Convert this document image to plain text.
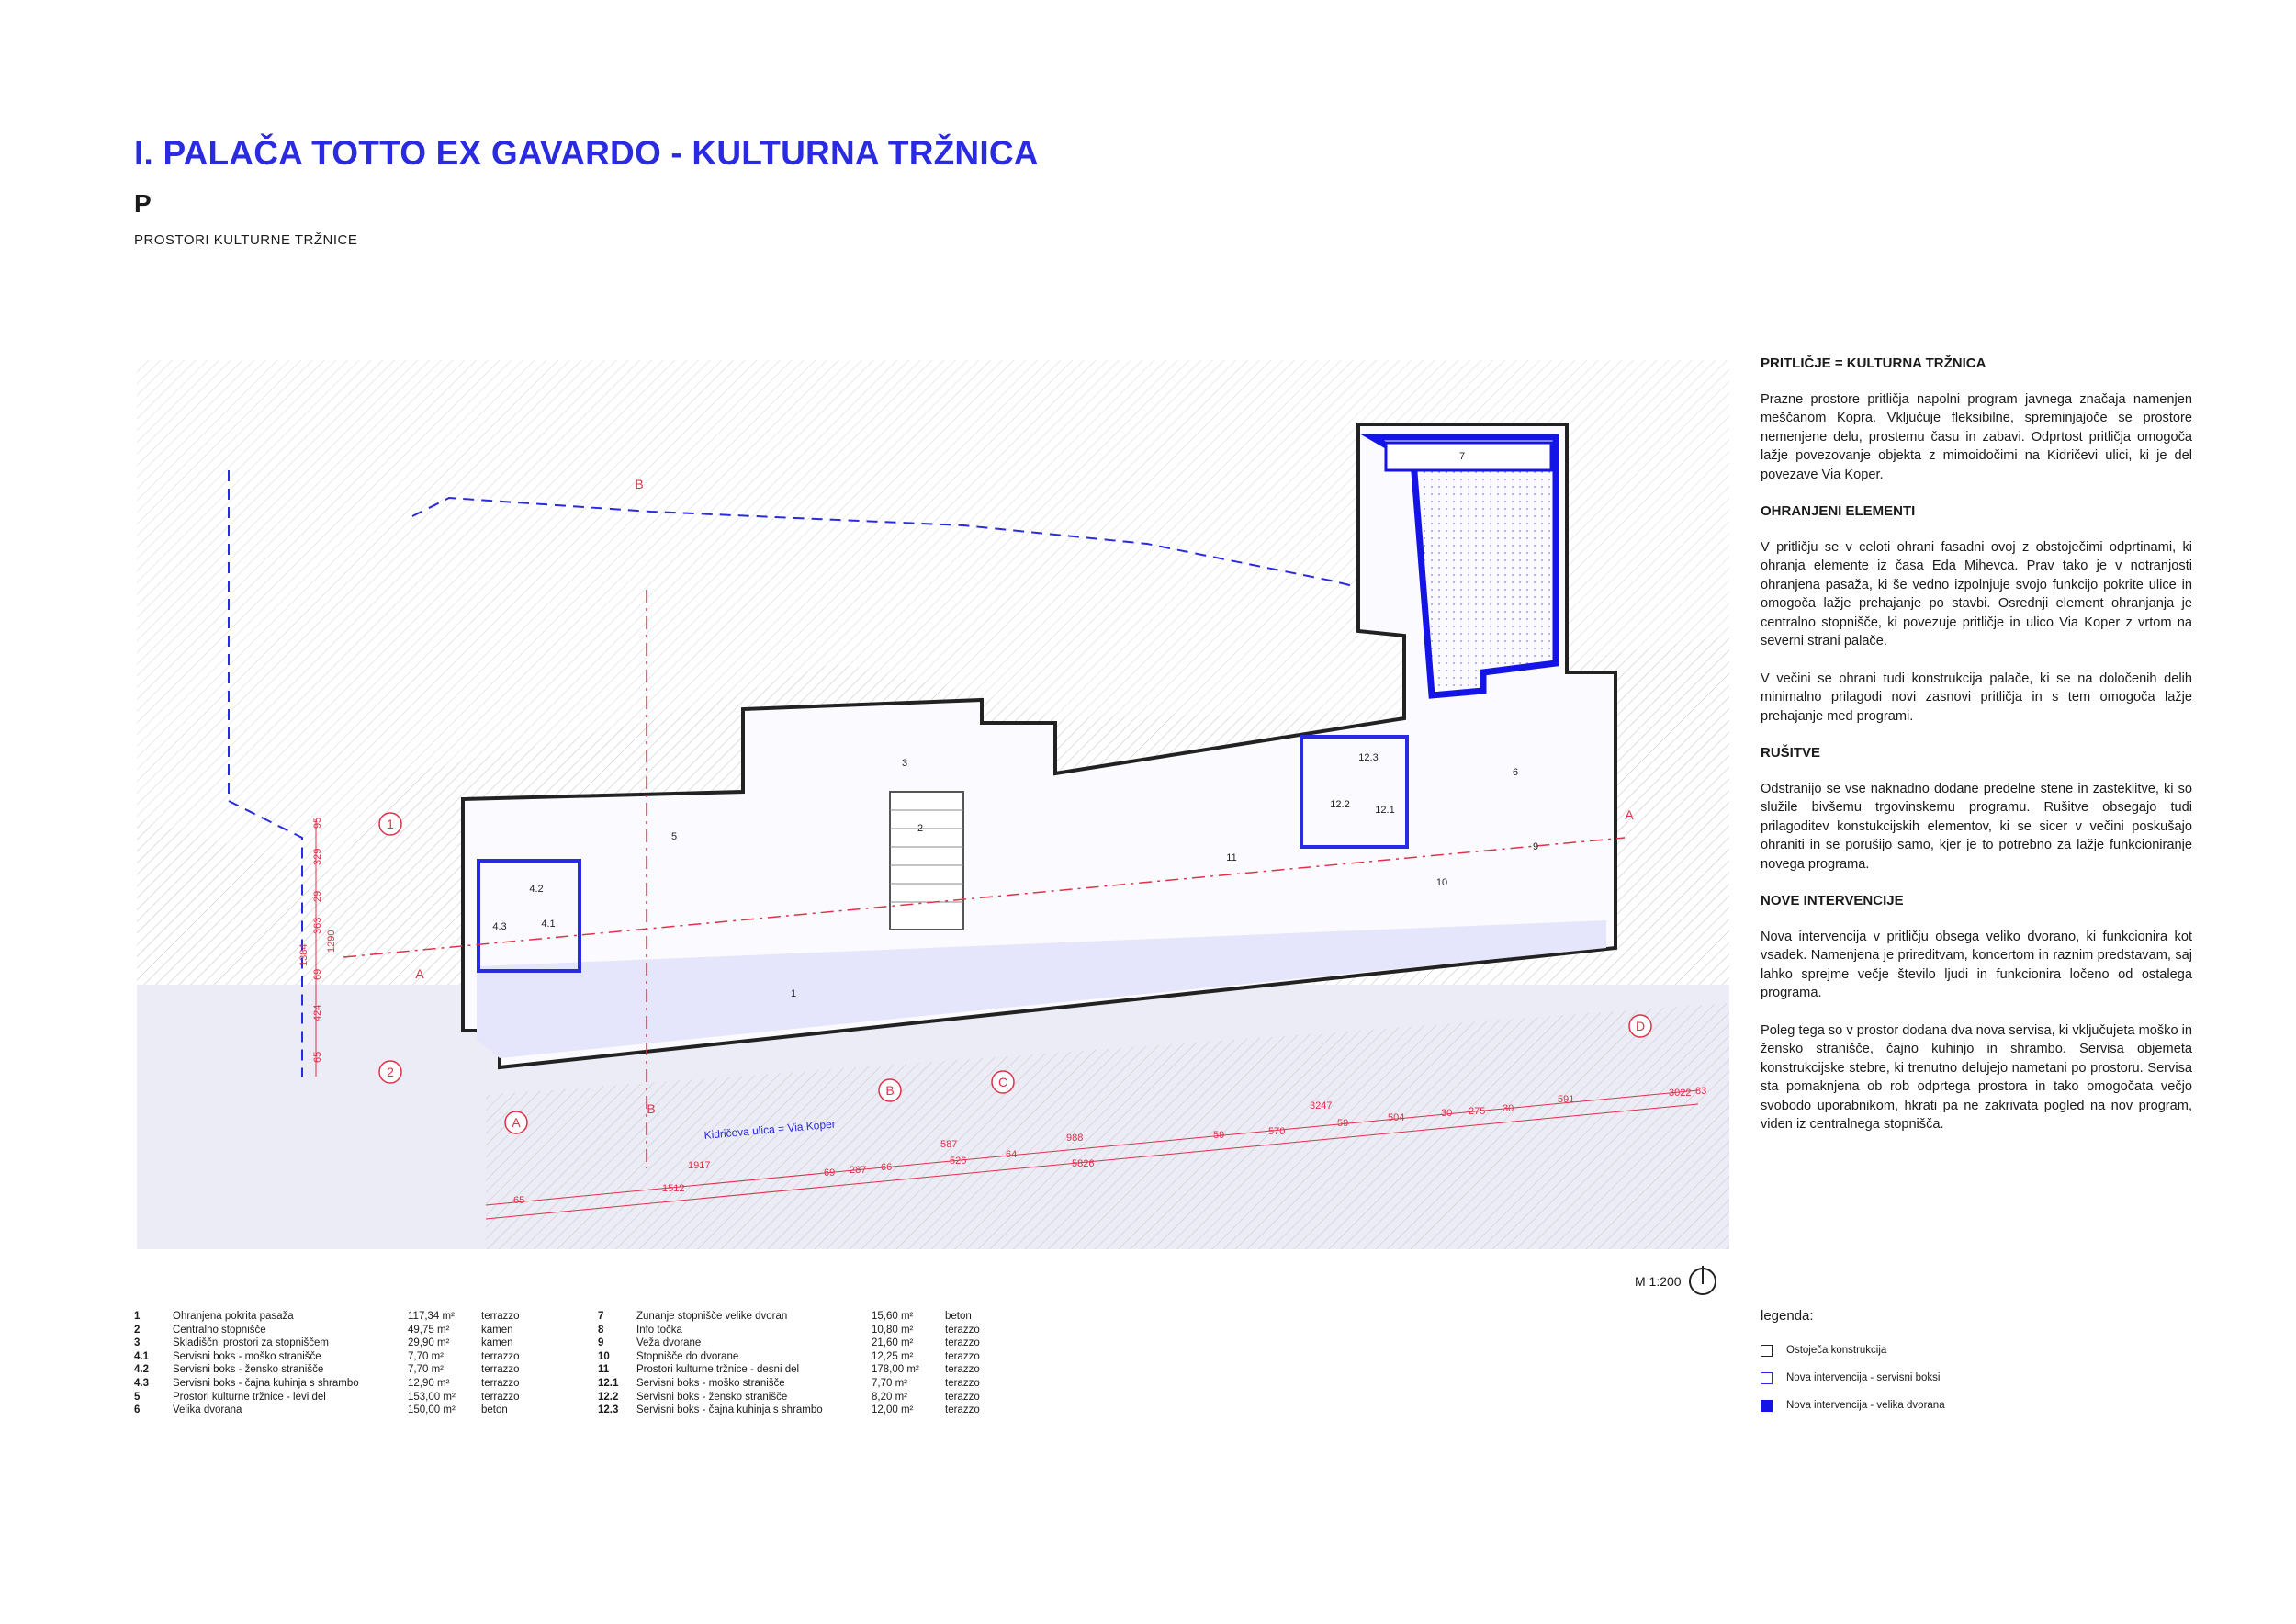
I. PALAČA TOTTO EX GAVARDO - KULTURNA TRŽNICA
P
PROSTORI KULTURNE TRŽNICE
1
2
A
B
B
C
D
B
A
A
1
2
3
4.1
4.2
4.3
5
6
7
9
10
11
12.1
12.2
12.3
95
329
29
363
69
424
65
1384
1290
65
1512
1917
69 287 66
587
526
64
988
5826
59	570
3247
59	504	30 275 30
591
3022 83
Kidričeva ulica = Via Koper
M 1:200
1	Ohranjena pokrita pasaža	117,34 m²	terrazzo
2	Centralno stopnišče	49,75 m²	kamen
3	Skladiščni prostori za stopniščem	29,90 m²	kamen
4.1	Servisni boks - moško stranišče	7,70 m²	terrazzo
4.2	Servisni boks - žensko stranišče	7,70 m²	terrazzo
4.3	Servisni boks - čajna kuhinja s shrambo	12,90 m²	terrazzo
5	Prostori kulturne tržnice - levi del	153,00 m²	terrazzo
6	Velika dvorana	150,00 m²	beton
7	Zunanje stopnišče velike dvoran	15,60 m²	beton
8	Info točka	10,80 m²	terazzo
9	Veža dvorane	21,60 m²	terazzo
10	Stopnišče do dvorane	12,25 m²	terazzo
11	Prostori kulturne tržnice - desni del	178,00 m²	terazzo
12.1	Servisni boks - moško stranišče	7,70 m²	terazzo
12.2	Servisni boks - žensko stranišče	8,20 m²	terazzo
12.3	Servisni boks - čajna kuhinja s shrambo	12,00 m²	terazzo
PRITLIČJE = KULTURNA TRŽNICA

Prazne prostore pritličja napolni program javnega značaja namenjen meščanom Kopra. Vključuje fleksibilne, spreminjajoče se prostore nemenjene delu, prostemu času in zabavi. Odprtost pritličja omogoča lažje povezovanje objekta z mimoidočimi na Kidričevi ulici, ki je del povezave Via Koper.

OHRANJENI ELEMENTI

V pritličju se v celoti ohrani fasadni ovoj z obstoječimi odprtinami, ki ohranja elemente iz časa Eda Mihevca. Prav tako je v notranjosti ohranjena pasaža, ki še vedno izpolnjuje svojo funkcijo pokrite ulice in omogoča lažje prehajanje po stavbi. Osrednji element ohranjanja je centralno stopnišče, ki povezuje pritličje in ulico Via Koper z vrtom na severni strani palače.

V večini se ohrani tudi konstrukcija palače, ki se na določenih delih minimalno prilagodi novi zasnovi pritličja in s tem omogoča lažje prehajanje med programi.

RUŠITVE

Odstranijo se vse naknadno dodane predelne stene in zasteklitve, ki so služile bivšemu trgovinskemu programu. Rušitve obsegajo tudi prilagoditev konstukcijskih elementov, ki se sicer v večini poskušajo ohraniti in se porušijo samo, kjer je to potrebno za lažje funkcioniranje novega programa.

NOVE INTERVENCIJE

Nova intervencija v pritličju obsega veliko dvorano, ki funkcionira kot vsadek. Namenjena je prireditvam, koncertom in raznim predstavam, saj lahko sprejme večje število ljudi in funkcionira ločeno od ostalega programa.

Poleg tega so v prostor dodana dva nova servisa, ki vključujeta moško in žensko stranišče, čajno kuhinjo in shrambo. Servisa objemeta konstrukcijske stebre, ki trenutno delujejo nametani po prostoru. Servisa sta pomaknjena ob rob odprtega prostora in tako omogočata večjo svobodo uporabnikom, hkrati pa ne zakrivata pogled na nov program, viden iz centralnega stopnišča.

legenda:
Ostoječa konstrukcija
Nova intervencija - servisni boksi
Nova intervencija - velika dvorana
